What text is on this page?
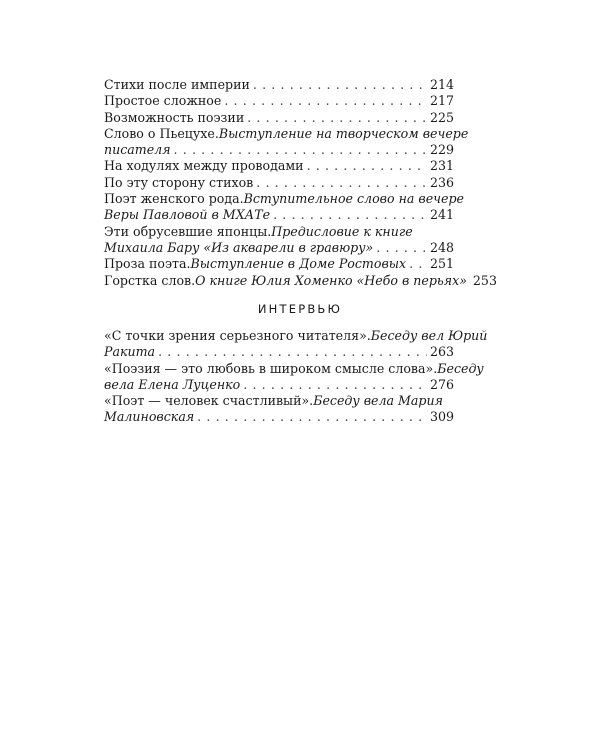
Стихи после империи . . .	214
Простое сложное . . .	217
Возможность поэзии . . .	225
Слово о Пьецухе. Выступление на творческом вечере
писателя . . .	229
На ходулях между проводами . . .	231
По эту сторону стихов . . .	236
Поэт женского рода. Вступительное слово на вечере
Веры Павловой в МХАТе . . .	241
Эти обрусевшие японцы. Предисловие к книге
Михаила Бару «Из акварели в гравюру» . . .	248
Проза поэта. Выступление в Доме Ростовых . . . 251
Горстка слов. О книге Юлия Хоменко «Небо в перьях» 253
ИНТЕРВЬЮ
«С точки зрения серьезного читателя». Беседу вел Юрий
Ракита . . .	263
«Поэзия — это любовь в широком смысле слова». Беседу
вела Елена Луценко . . .	276
«Поэт — человек счастливый». Беседу вела Мария
Малиновская . . .	309
